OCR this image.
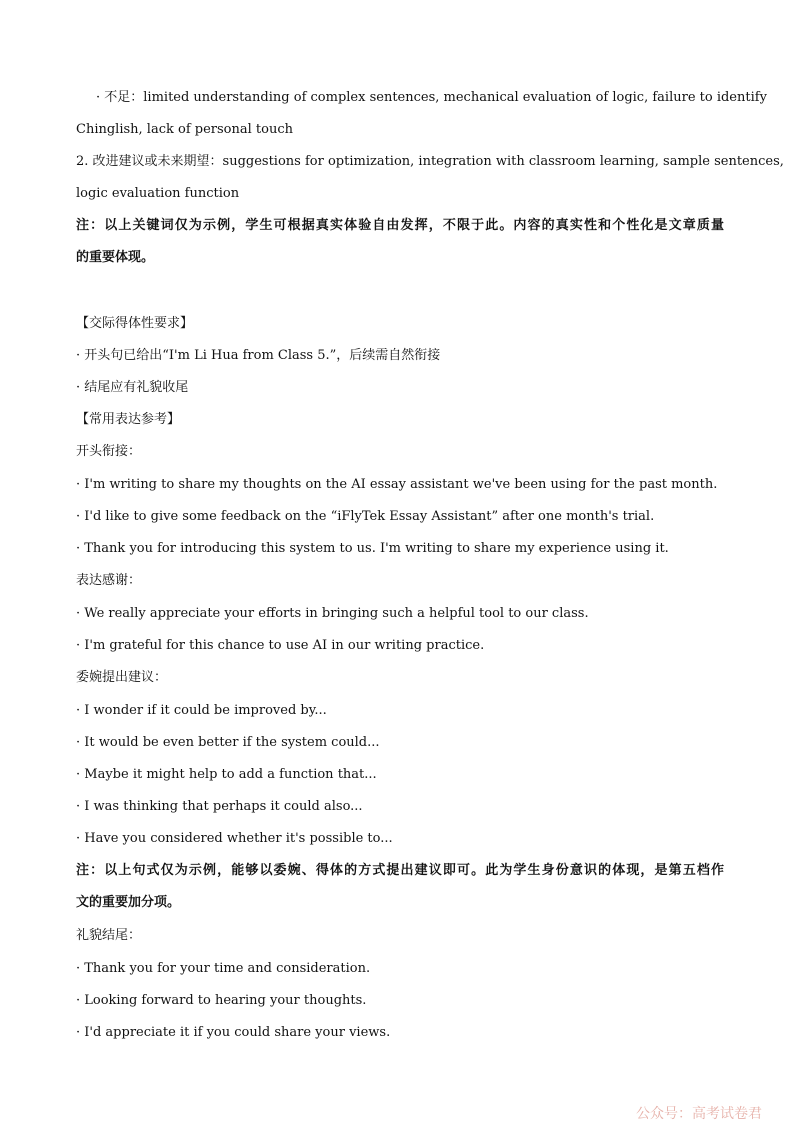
· 不足：limited understanding of complex sentences, mechanical evaluation of logic, failure to identify

Chinglish, lack of personal touch

2. 改进建议或未来期望：suggestions for optimization, integration with classroom learning, sample sentences,

logic evaluation function

注：以上关键词仅为示例，学生可根据真实体验自由发挥，不限于此。内容的真实性和个性化是文章质量

的重要体现。

【交际得体性要求】

· 开头句已给出“I'm Li Hua from Class 5.”，后续需自然衔接

· 结尾应有礼貌收尾

【常用表达参考】

开头衔接：

· I'm writing to share my thoughts on the AI essay assistant we've been using for the past month.

· I'd like to give some feedback on the “iFlyTek Essay Assistant” after one month's trial.

· Thank you for introducing this system to us. I'm writing to share my experience using it.

表达感谢：

· We really appreciate your efforts in bringing such a helpful tool to our class.

· I'm grateful for this chance to use AI in our writing practice.

委婉提出建议：

· I wonder if it could be improved by...

· It would be even better if the system could...

· Maybe it might help to add a function that...

· I was thinking that perhaps it could also...

· Have you considered whether it's possible to...

注：以上句式仅为示例，能够以委婉、得体的方式提出建议即可。此为学生身份意识的体现，是第五档作

文的重要加分项。

礼貌结尾：

· Thank you for your time and consideration.

· Looking forward to hearing your thoughts.

· I'd appreciate it if you could share your views.

公众号：高考试卷君
